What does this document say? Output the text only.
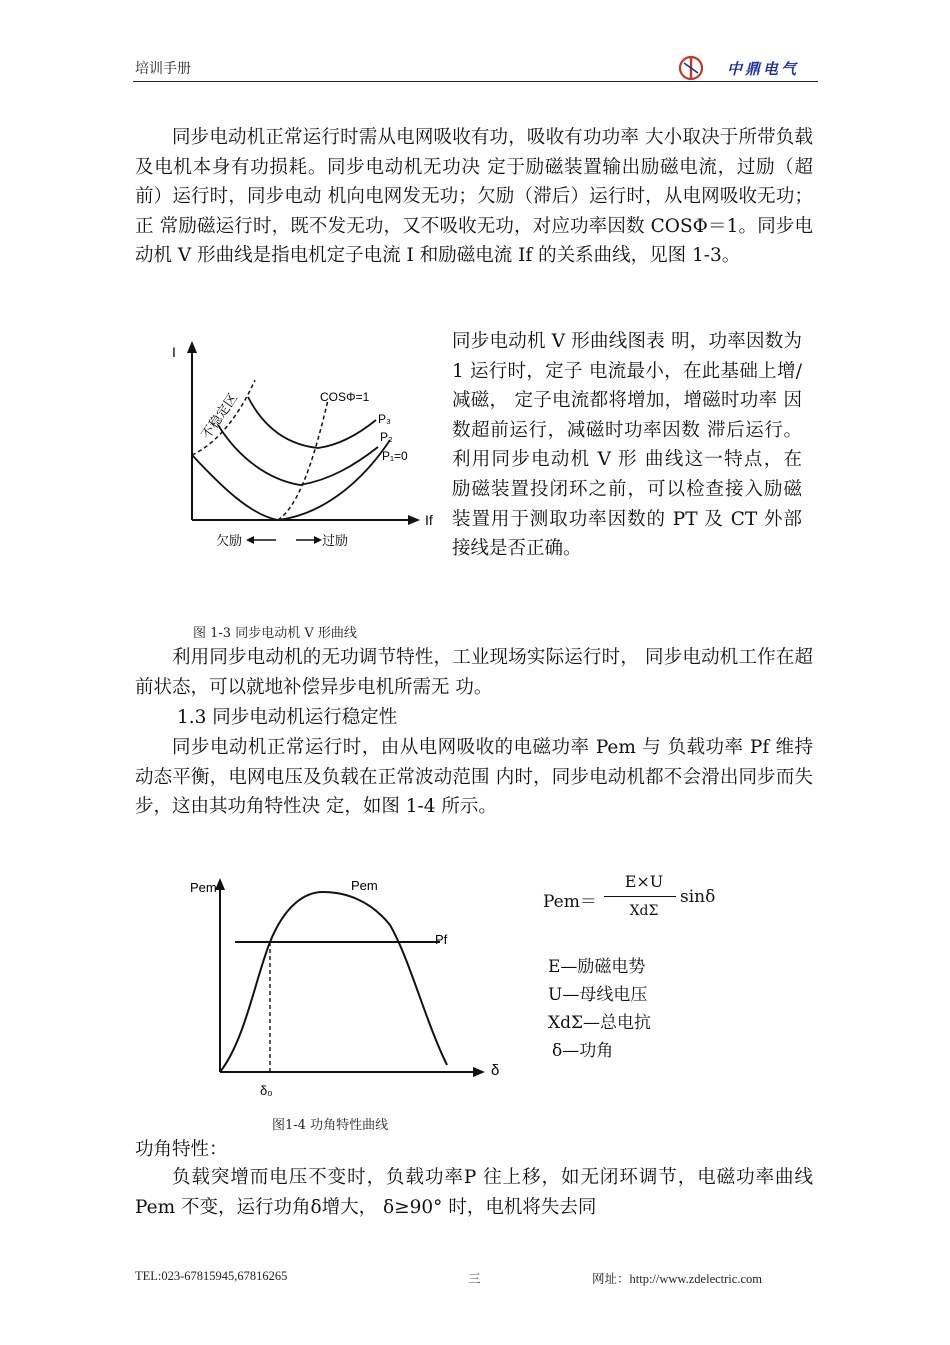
培训手册	中鼎电气
同步电动机正常运行时需从电网吸收有功，吸收有功功率 大小取决于所带负载及电机本身有功损耗。同步电动机无功决 定于励磁装置输出励磁电流，过励（超前）运行时，同步电动 机向电网发无功；欠励（滞后）运行时，从电网吸收无功；正 常励磁运行时，既不发无功，又不吸收无功，对应功率因数 COSΦ＝1。同步电动机 V 形曲线是指电机定子电流 I 和励磁电流 If 的关系曲线，见图 1-3。
I
If
不稳定区	COSΦ=1
P₃
P₂
P₁=0
欠励	过励
同步电动机 V 形曲线图表 明，功率因数为 1 运行时，定子 电流最小，在此基础上增/减磁， 定子电流都将增加，增磁时功率 因数超前运行，减磁时功率因数 滞后运行。利用同步电动机 V 形 曲线这一特点，在 励磁装置投闭环之前，可以检查接入励磁装置用于测取功率因数的 PT 及 CT 外部接线是否正确。
图 1-3 同步电动机 V 形曲线
利用同步电动机的无功调节特性，工业现场实际运行时， 同步电动机工作在超前状态，可以就地补偿异步电机所需无 功。
1.3 同步电动机运行稳定性
同步电动机正常运行时，由从电网吸收的电磁功率 Pem 与 负载功率 Pf 维持动态平衡，电网电压及负载在正常波动范围 内时，同步电动机都不会滑出同步而失步，这由其功角特性决 定，如图 1-4 所示。
Pem
δ
Pem
Pf
δ₀
Pem＝
E×U
XdΣ
sinδ
E—励磁电势
U—母线电压
XdΣ—总电抗
δ—功角
图1-4 功角特性曲线
功角特性：
负载突增而电压不变时，负载功率P 往上移，如无闭环调节，电磁功率曲线Pem 不变，运行功角δ增大， δ≥90° 时，电机将失去同
TEL:023-67815945,67816265	三	网址：http://www.zdelectric.com
